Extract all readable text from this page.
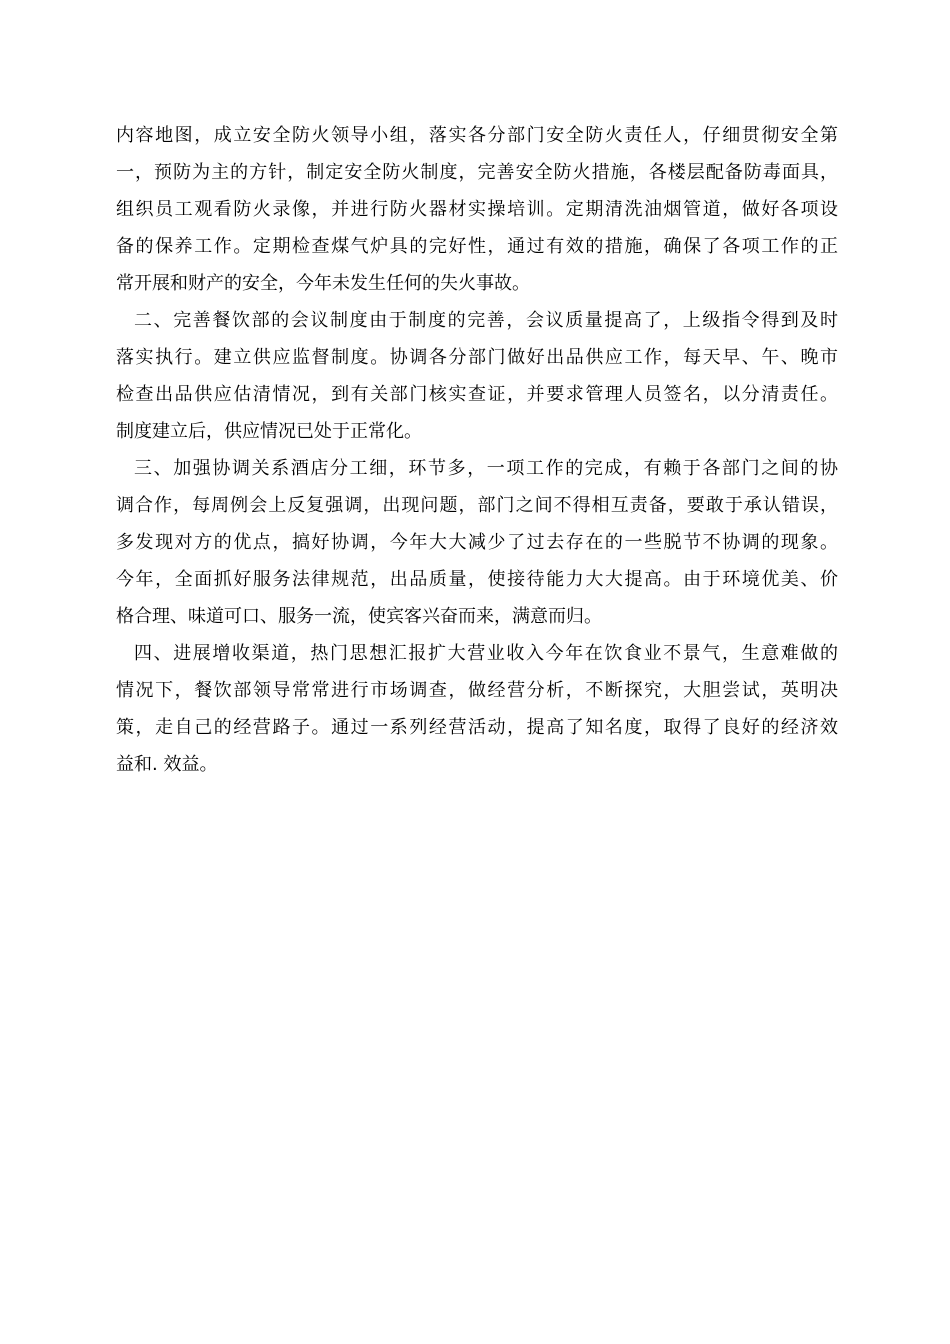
内容地图，成立安全防火领导小组，落实各分部门安全防火责任人，仔细贯彻安全第
一，预防为主的方针，制定安全防火制度，完善安全防火措施，各楼层配备防毒面具，
组织员工观看防火录像，并进行防火器材实操培训。定期清洗油烟管道，做好各项设
备的保养工作。定期检查煤气炉具的完好性，通过有效的措施，确保了各项工作的正
常开展和财产的安全，今年未发生任何的失火事故。
二、完善餐饮部的会议制度由于制度的完善，会议质量提高了，上级指令得到及时
落实执行。建立供应监督制度。协调各分部门做好出品供应工作，每天早、午、晚市
检查出品供应估清情况，到有关部门核实查证，并要求管理人员签名，以分清责任。
制度建立后，供应情况已处于正常化。
三、加强协调关系酒店分工细，环节多，一项工作的完成，有赖于各部门之间的协
调合作，每周例会上反复强调，出现问题，部门之间不得相互责备，要敢于承认错误，
多发现对方的优点，搞好协调，今年大大减少了过去存在的一些脱节不协调的现象。
今年，全面抓好服务法律规范，出品质量，使接待能力大大提高。由于环境优美、价
格合理、味道可口、服务一流，使宾客兴奋而来，满意而归。
四、进展增收渠道，热门思想汇报扩大营业收入今年在饮食业不景气，生意难做的
情况下，餐饮部领导常常进行市场调查，做经营分析，不断探究，大胆尝试，英明决
策，走自己的经营路子。通过一系列经营活动，提高了知名度，取得了良好的经济效
益和. 效益。
